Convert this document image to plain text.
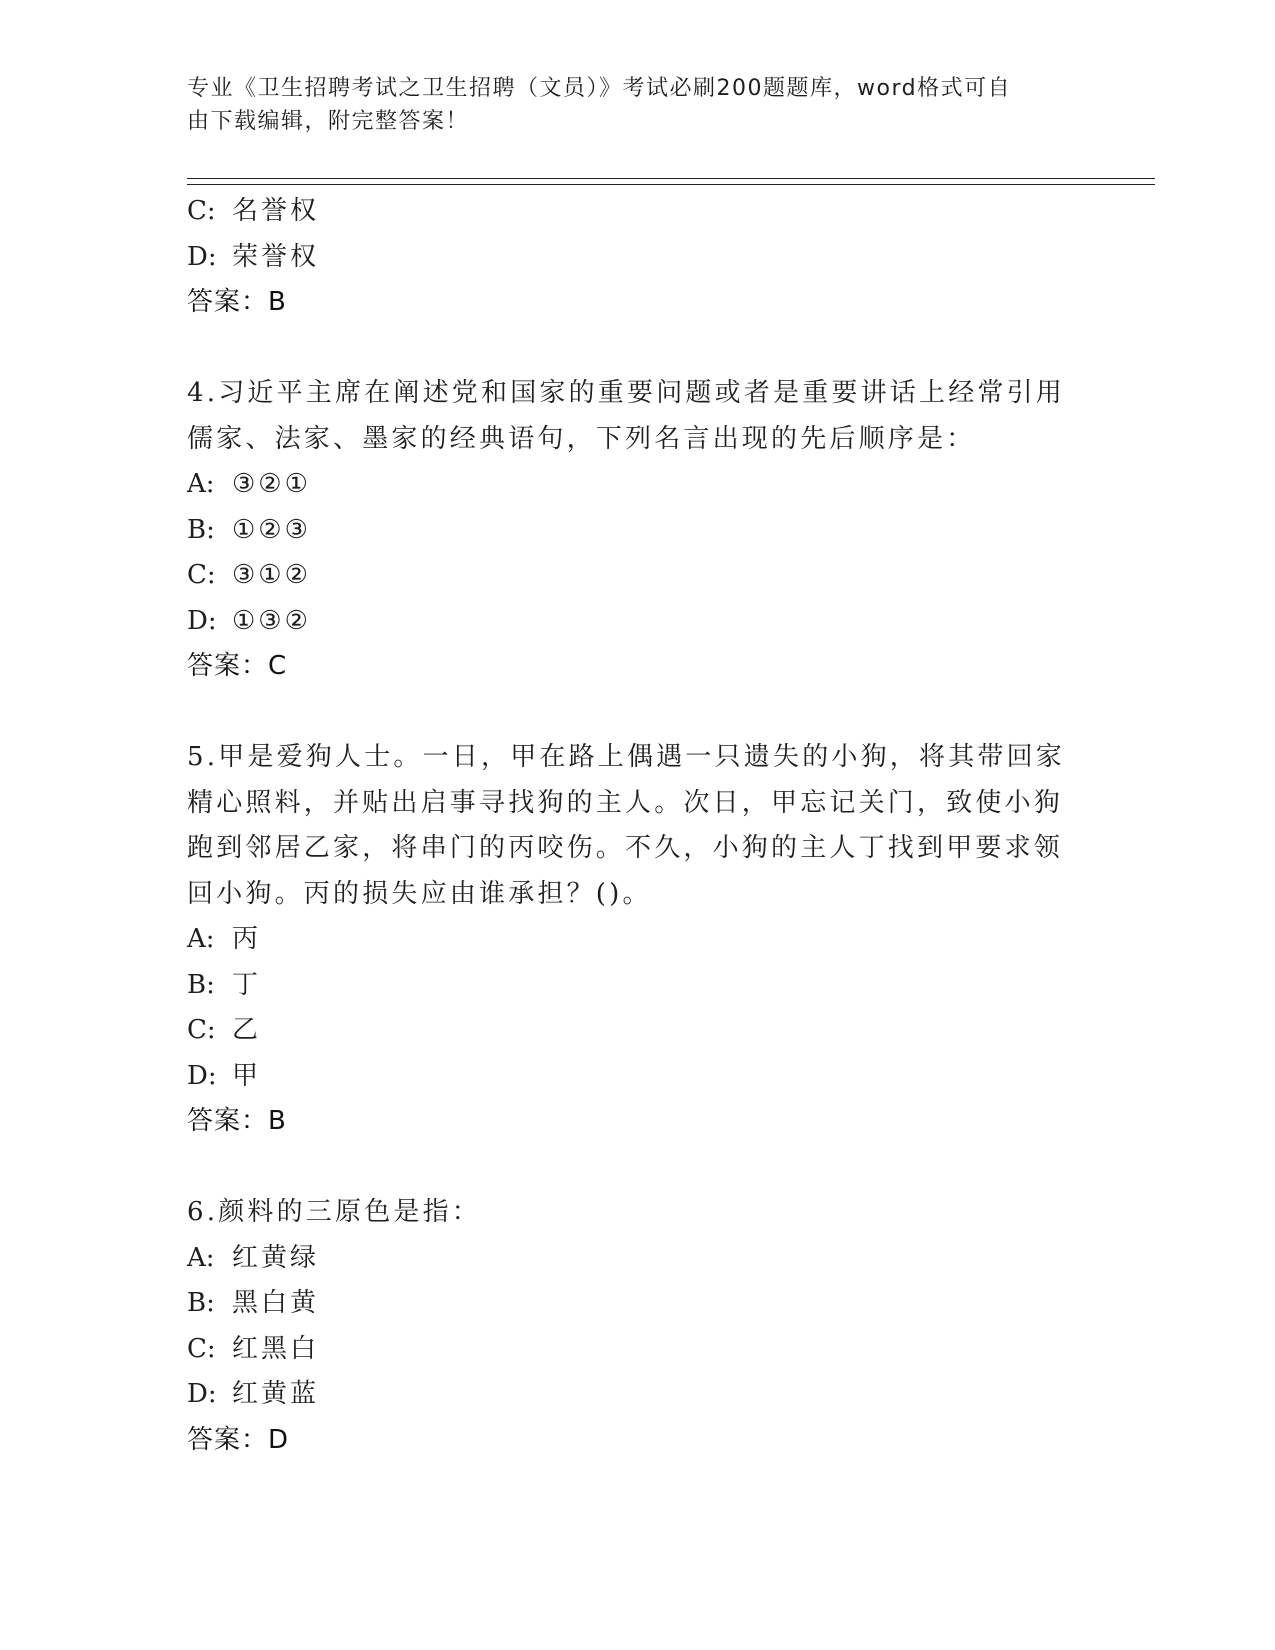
专业《卫生招聘考试之卫生招聘（文员）》考试必刷200题题库，word格式可自
由下载编辑，附完整答案！
C: 名誉权
D: 荣誉权
答案：B
4.习近平主席在阐述党和国家的重要问题或者是重要讲话上经常引用
儒家、法家、墨家的经典语句，下列名言出现的先后顺序是：
A: ③②①
B: ①②③
C: ③①②
D: ①③②
答案：C
5.甲是爱狗人士。一日，甲在路上偶遇一只遗失的小狗，将其带回家
精心照料，并贴出启事寻找狗的主人。次日，甲忘记关门，致使小狗
跑到邻居乙家，将串门的丙咬伤。不久，小狗的主人丁找到甲要求领
回小狗。丙的损失应由谁承担？()。
A: 丙
B: 丁
C: 乙
D: 甲
答案：B
6.颜料的三原色是指：
A: 红黄绿
B: 黑白黄
C: 红黑白
D: 红黄蓝
答案：D
